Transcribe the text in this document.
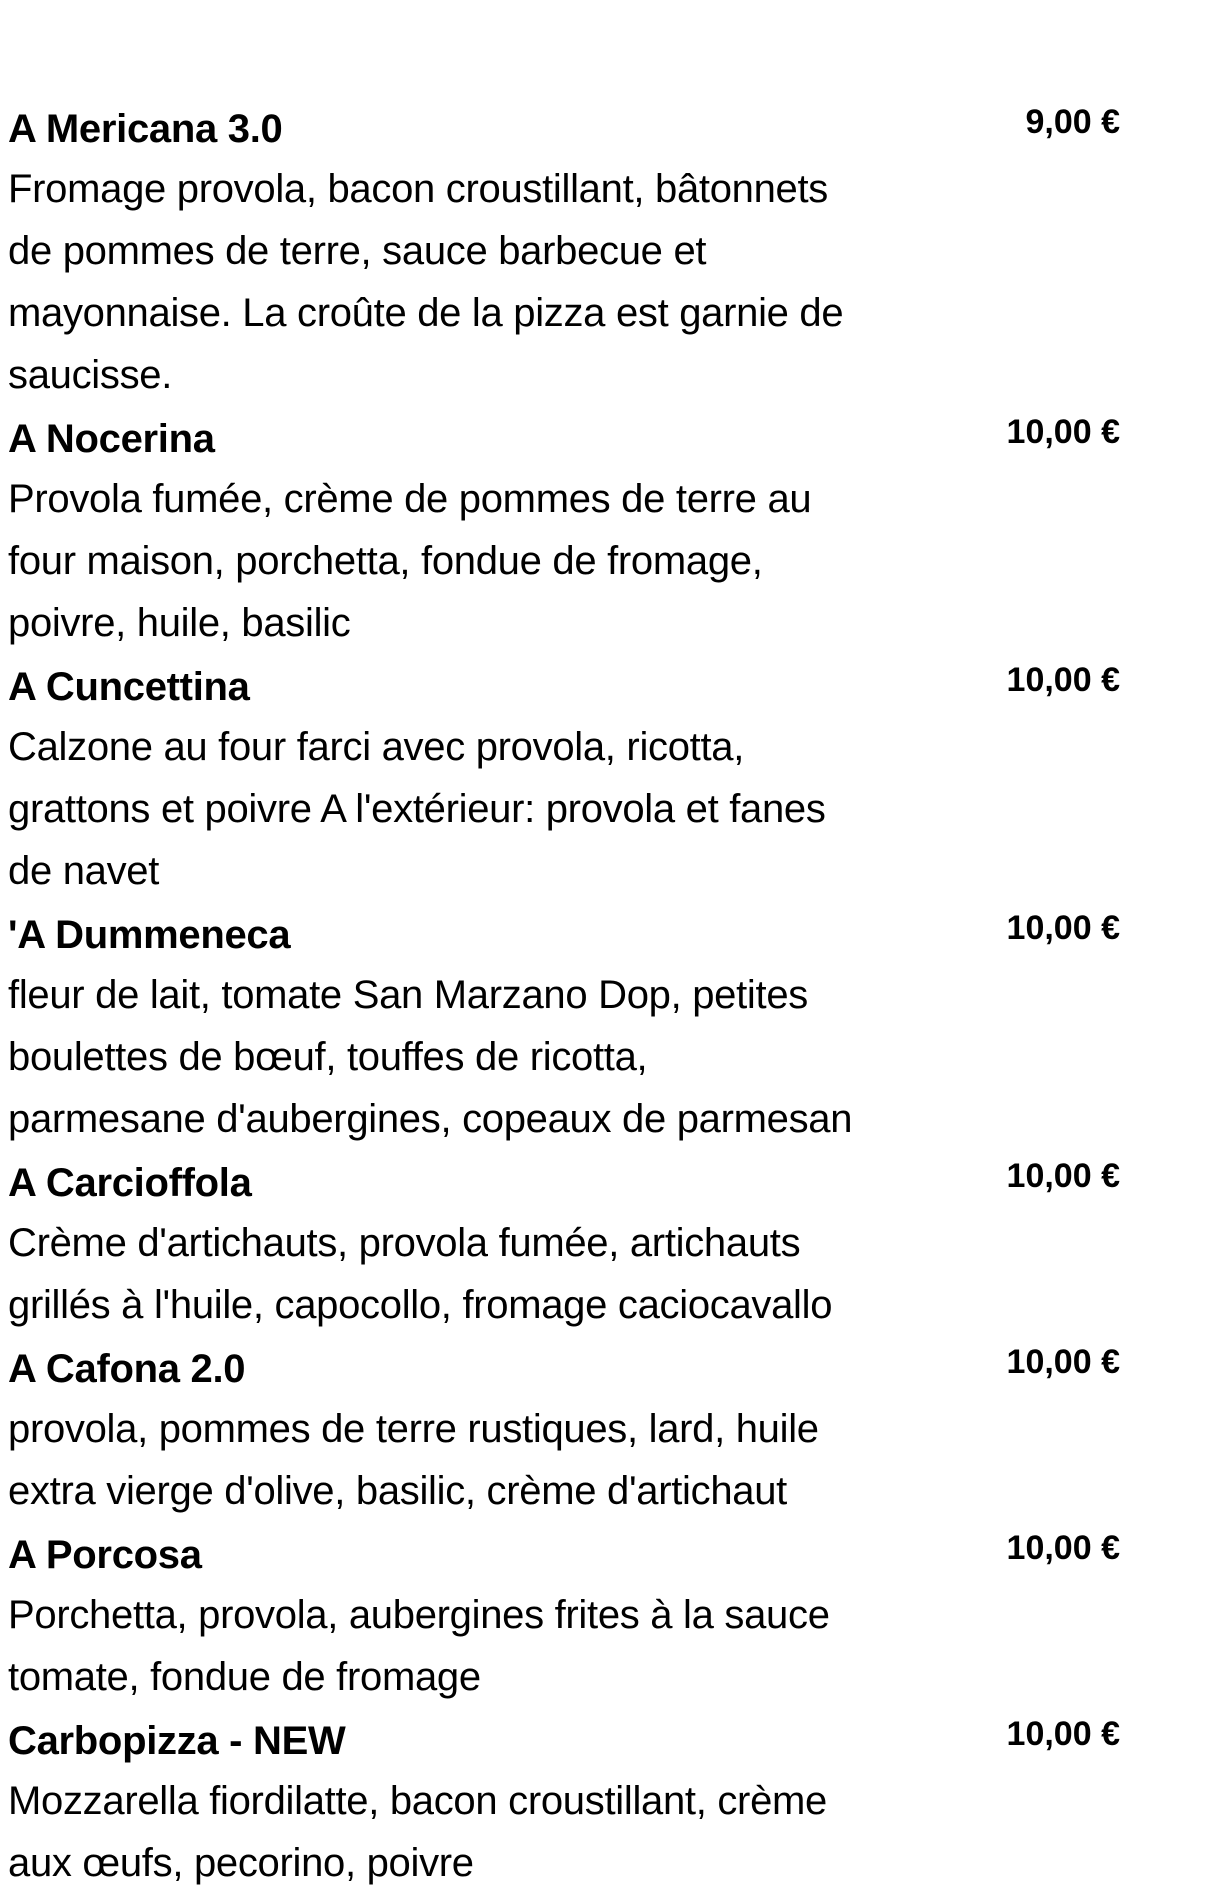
A Mericana 3.0	9,00 €
Fromage provola, bacon croustillant, bâtonnets
de pommes de terre, sauce barbecue et
mayonnaise. La croûte de la pizza est garnie de
saucisse.
A Nocerina	10,00 €
Provola fumée, crème de pommes de terre au
four maison, porchetta, fondue de fromage,
poivre, huile, basilic
A Cuncettina	10,00 €
Calzone au four farci avec provola, ricotta,
grattons et poivre A l'extérieur: provola et fanes
de navet
'A Dummeneca	10,00 €
fleur de lait, tomate San Marzano Dop, petites
boulettes de bœuf, touffes de ricotta,
parmesane d'aubergines, copeaux de parmesan
A Carcioffola	10,00 €
Crème d'artichauts, provola fumée, artichauts
grillés à l'huile, capocollo, fromage caciocavallo
A Cafona 2.0	10,00 €
provola, pommes de terre rustiques, lard, huile
extra vierge d'olive, basilic, crème d'artichaut
A Porcosa	10,00 €
Porchetta, provola, aubergines frites à la sauce
tomate, fondue de fromage
Carbopizza - NEW	10,00 €
Mozzarella fiordilatte, bacon croustillant, crème
aux œufs, pecorino, poivre
